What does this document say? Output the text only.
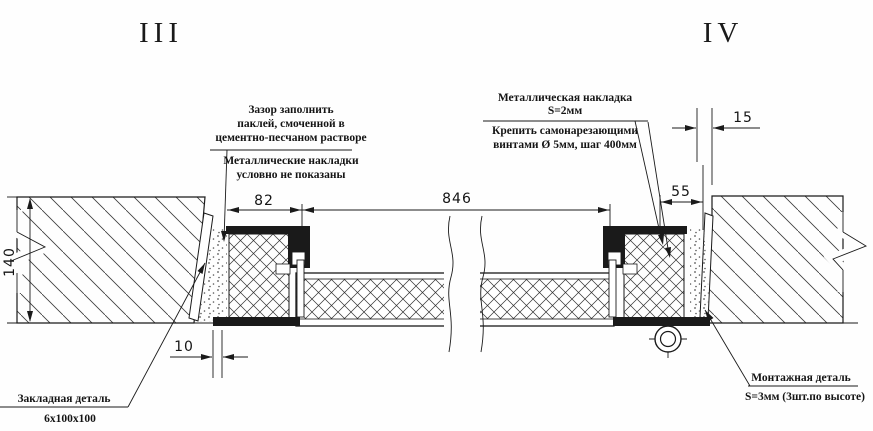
82	846	55
15
10
140
Зазор заполнить
паклей, смоченной в
цементно-песчаном растворе
Металлические накладки
условно не показаны
Металлическая накладка
S=2мм
Крепить самонарезающими
винтами Ø 5мм, шаг 400мм
Закладная деталь
6x100x100
Монтажная деталь
S=3мм (3шт.по высоте)
III	IV
